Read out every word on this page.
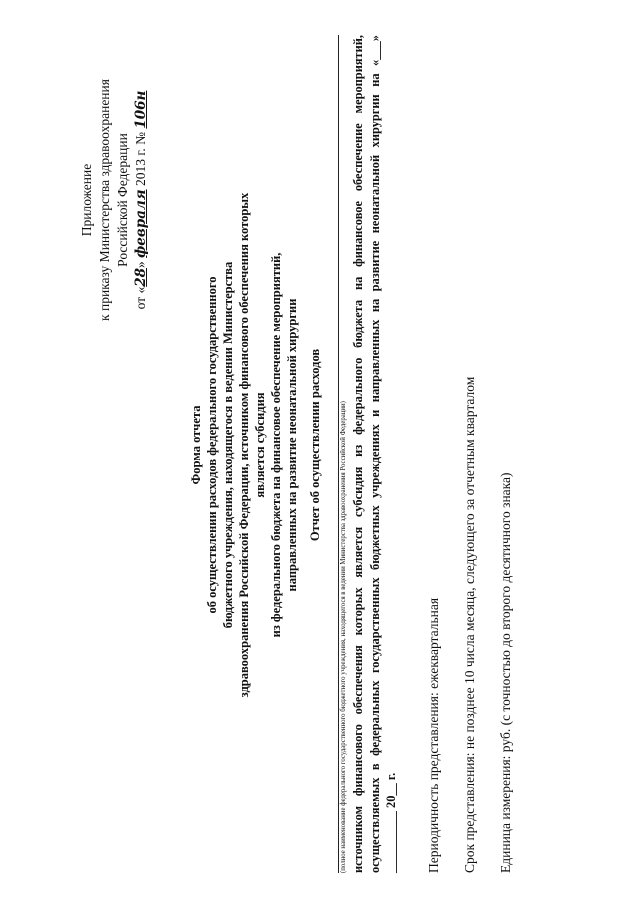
Приложение к приказу Министерства здравоохранения Российской Федерации
от «28» февраля 2013 г. № 106н
Форма отчета об осуществлении расходов федерального государственного бюджетного учреждения, находящегося в ведении Министерства здравоохранения Российской Федерации, источником финансового обеспечения которых является субсидия из федерального бюджета на финансовое обеспечение мероприятий, направленных на развитие неонатальной хирургии Отчет об осуществлении расходов	(полное наименование федерального государственного бюджетного учреждения, находящегося в ведении Министерства здравоохранения Российской Федерации) источником финансового обеспечения которых является субсидия из федерального бюджета на финансовое обеспечение мероприятий, осуществляемых в федеральных государственных бюджетных учреждениях и направленных на развитие неонатальной хирургии на «___» __________ 20__ г. Периодичность представления: ежеквартальная Срок представления: не позднее 10 числа месяца, следующего за отчетным кварталом Единица измерения: руб. (с точностью до второго десятичного знака)
